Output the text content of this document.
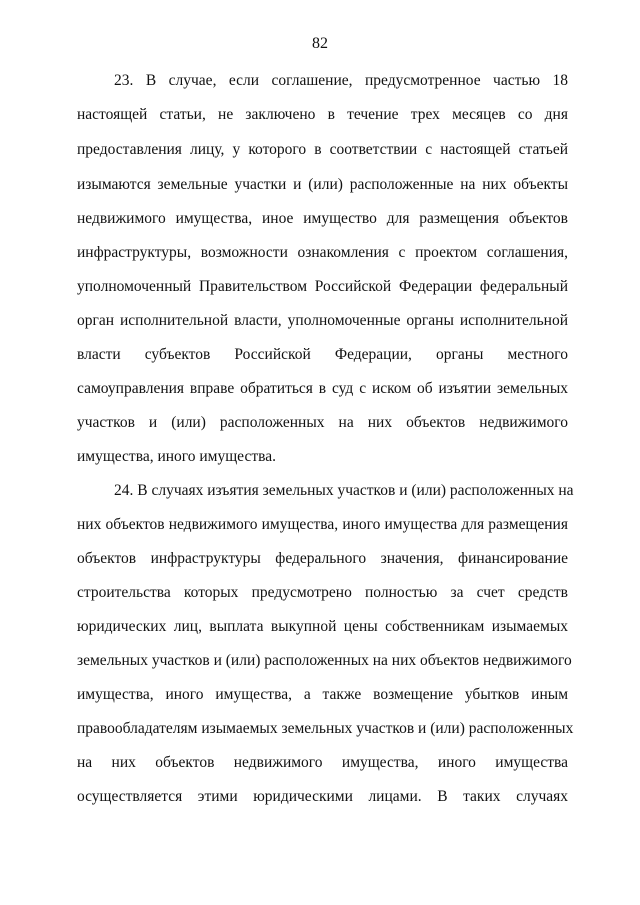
82
23. В случае, если соглашение, предусмотренное частью 18
настоящей статьи, не заключено в течение трех месяцев со дня
предоставления лицу, у которого в соответствии с настоящей статьей
изымаются земельные участки и (или) расположенные на них объекты
недвижимого имущества, иное имущество для размещения объектов
инфраструктуры, возможности ознакомления с проектом соглашения,
уполномоченный Правительством Российской Федерации федеральный
орган исполнительной власти, уполномоченные органы исполнительной
власти субъектов Российской Федерации, органы местного
самоуправления вправе обратиться в суд с иском об изъятии земельных
участков и (или) расположенных на них объектов недвижимого
имущества, иного имущества.
24. В случаях изъятия земельных участков и (или) расположенных на
них объектов недвижимого имущества, иного имущества для размещения
объектов инфраструктуры федерального значения, финансирование
строительства которых предусмотрено полностью за счет средств
юридических лиц, выплата выкупной цены собственникам изымаемых
земельных участков и (или) расположенных на них объектов недвижимого
имущества, иного имущества, а также возмещение убытков иным
правообладателям изымаемых земельных участков и (или) расположенных
на них объектов недвижимого имущества, иного имущества
осуществляется этими юридическими лицами. В таких случаях
